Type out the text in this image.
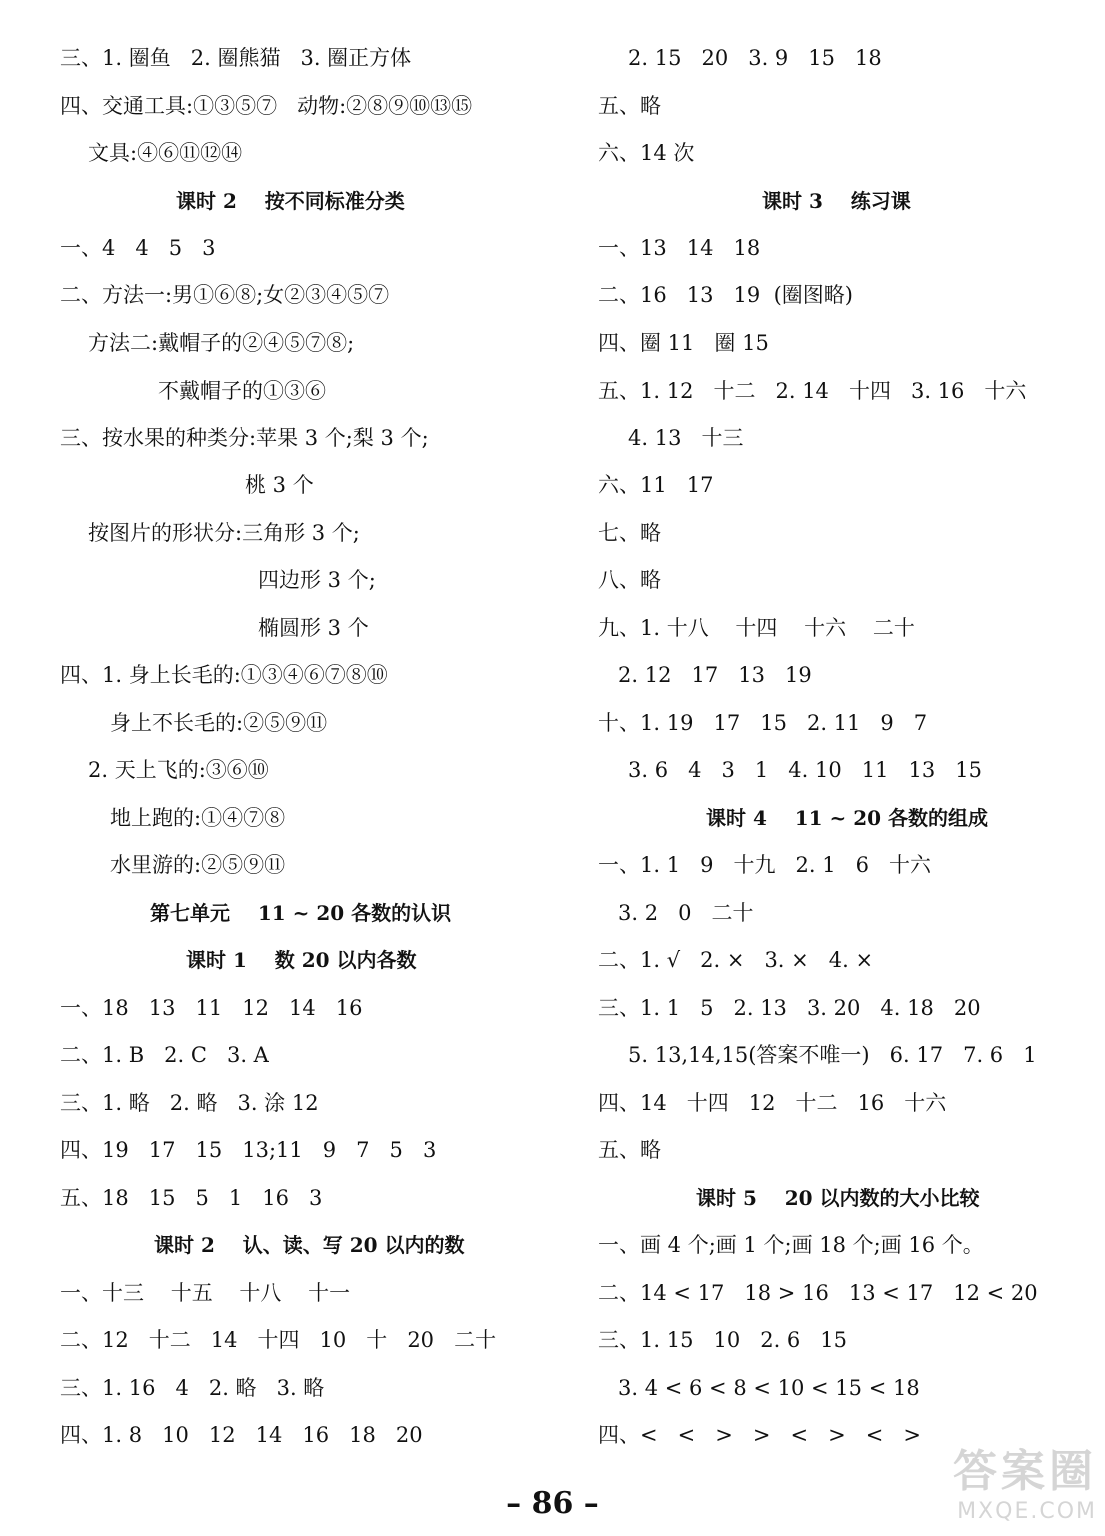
三、1. 圈鱼   2. 圈熊猫   3. 圈正方体
四、交通工具:①③⑤⑦   动物:②⑧⑨⑩⑬⑮
文具:④⑥⑪⑫⑭
课时 2    按不同标准分类
一、4   4   5   3
二、方法一:男①⑥⑧;女②③④⑤⑦
方法二:戴帽子的②④⑤⑦⑧;
不戴帽子的①③⑥
三、按水果的种类分:苹果 3 个;梨 3 个;
桃 3 个
按图片的形状分:三角形 3 个;
四边形 3 个;
椭圆形 3 个
四、1. 身上长毛的:①③④⑥⑦⑧⑩
身上不长毛的:②⑤⑨⑪
2. 天上飞的:③⑥⑩
地上跑的:①④⑦⑧
水里游的:②⑤⑨⑪
第七单元    11 ~ 20 各数的认识
课时 1    数 20 以内各数
一、18   13   11   12   14   16
二、1. B   2. C   3. A
三、1. 略   2. 略   3. 涂 12
四、19   17   15   13;11   9   7   5   3
五、18   15   5   1   16   3
课时 2    认、读、写 20 以内的数
一、十三    十五    十八    十一
二、12   十二   14   十四   10   十   20   二十
三、1. 16   4   2. 略   3. 略
四、1. 8   10   12   14   16   18   20
2. 15   20   3. 9   15   18
五、略
六、14 次
课时 3    练习课
一、13   14   18
二、16   13   19  (圈图略)
四、圈 11   圈 15
五、1. 12   十二   2. 14   十四   3. 16   十六
4. 13   十三
六、11   17
七、略
八、略
九、1. 十八    十四    十六    二十
2. 12   17   13   19
十、1. 19   17   15   2. 11   9   7
3. 6   4   3   1   4. 10   11   13   15
课时 4    11 ~ 20 各数的组成
一、1. 1   9   十九   2. 1   6   十六
3. 2   0   二十
二、1. √   2. ×   3. ×   4. ×
三、1. 1   5   2. 13   3. 20   4. 18   20
5. 13,14,15(答案不唯一)   6. 17   7. 6   1
四、14   十四   12   十二   16   十六
五、略
课时 5    20 以内数的大小比较
一、画 4 个;画 1 个;画 18 个;画 16 个。
二、14 < 17   18 > 16   13 < 17   12 < 20
三、1. 15   10   2. 6   15
3. 4 < 6 < 8 < 10 < 15 < 18
四、<   <   >   >   <   >   <   >
– 86 –
答案圈
MXQE.COM
